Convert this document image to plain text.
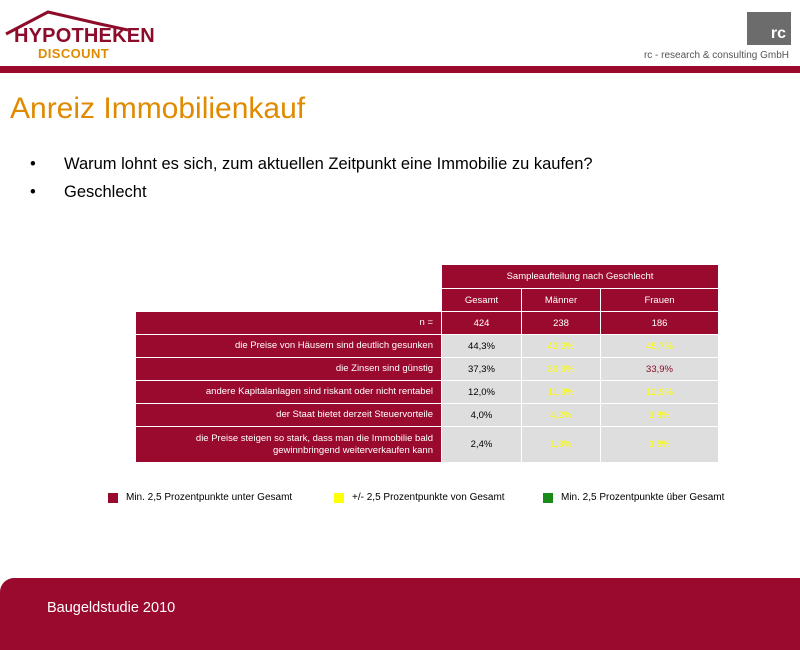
HYPOTHEKEN
DISCOUNT
rc
rc - research & consulting GmbH
Anreiz Immobilienkauf
•	Warum lohnt es sich, zum aktuellen Zeitpunkt eine Immobilie zu kaufen?
•	Geschlecht
Sampleaufteilung nach Geschlecht
Gesamt	Männer	Frauen
n =	424	238	186
die Preise von Häusern sind deutlich gesunken	44,3%	43,3%	45,7%
die Zinsen sind günstig	37,3%	39,9%	33,9%
andere Kapitalanlagen sind riskant oder nicht rentabel	12,0%	11,3%	12,9%
der Staat bietet derzeit Steuervorteile	4,0%	4,2%	3,8%
die Preise steigen so stark, dass man die Immobilie bald gewinnbringend weiterverkaufen kann	2,4%	1,3%	3,8%
Min. 2,5 Prozentpunkte unter Gesamt	+/- 2,5 Prozentpunkte von Gesamt	Min. 2,5 Prozentpunkte über Gesamt
Baugeldstudie 2010
